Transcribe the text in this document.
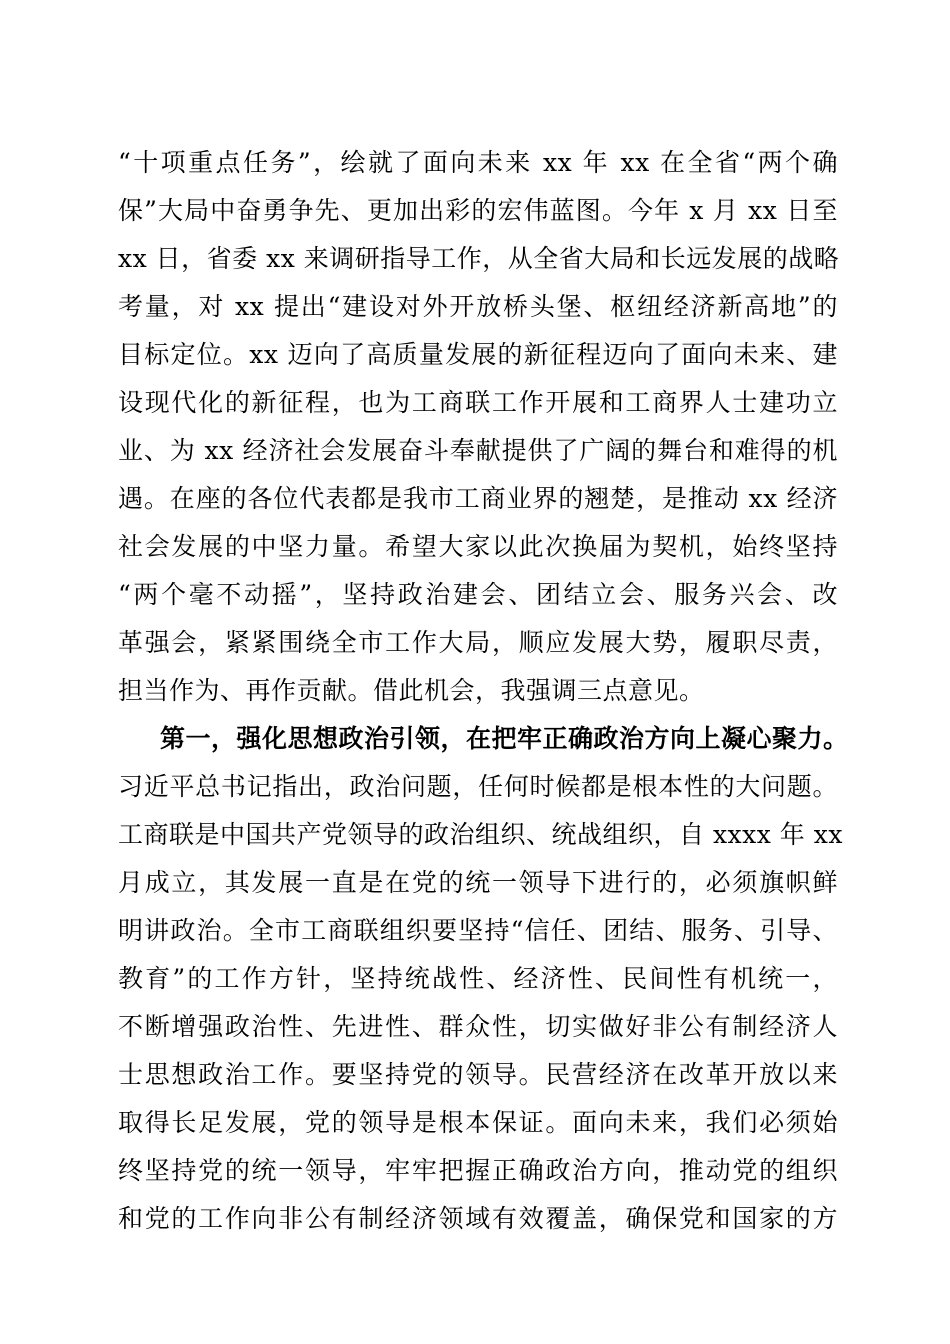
“十项重点任务”，绘就了面向未来 xx 年 xx 在全省“两个确
保”大局中奋勇争先、更加出彩的宏伟蓝图。今年 x 月 xx 日至
xx 日，省委 xx 来调研指导工作，从全省大局和长远发展的战略
考量，对 xx 提出“建设对外开放桥头堡、枢纽经济新高地”的
目标定位。xx 迈向了高质量发展的新征程迈向了面向未来、建
设现代化的新征程，也为工商联工作开展和工商界人士建功立
业、为 xx 经济社会发展奋斗奉献提供了广阔的舞台和难得的机
遇。在座的各位代表都是我市工商业界的翘楚，是推动 xx 经济
社会发展的中坚力量。希望大家以此次换届为契机，始终坚持
“两个毫不动摇”，坚持政治建会、团结立会、服务兴会、改
革强会，紧紧围绕全市工作大局，顺应发展大势，履职尽责，
担当作为、再作贡献。借此机会，我强调三点意见。
第一，强化思想政治引领，在把牢正确政治方向上凝心聚力。
习近平总书记指出，政治问题，任何时候都是根本性的大问题。
工商联是中国共产党领导的政治组织、统战组织，自 xxxx 年 xx
月成立，其发展一直是在党的统一领导下进行的，必须旗帜鲜
明讲政治。全市工商联组织要坚持“信任、团结、服务、引导、
教育”的工作方针，坚持统战性、经济性、民间性有机统一，
不断增强政治性、先进性、群众性，切实做好非公有制经济人
士思想政治工作。要坚持党的领导。民营经济在改革开放以来
取得长足发展，党的领导是根本保证。面向未来，我们必须始
终坚持党的统一领导，牢牢把握正确政治方向，推动党的组织
和党的工作向非公有制经济领域有效覆盖，确保党和国家的方
